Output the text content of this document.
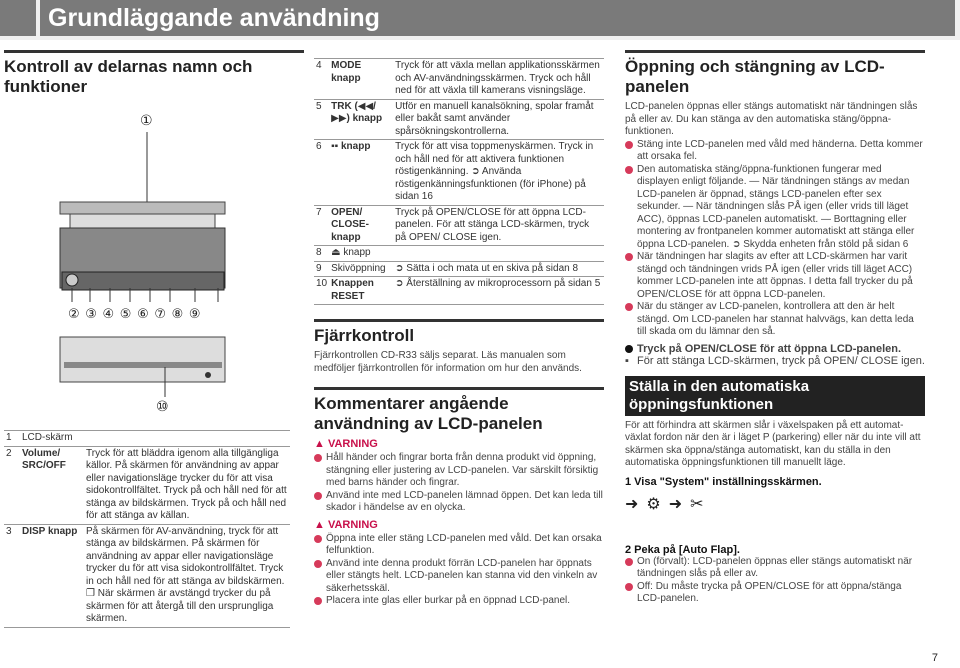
Grundläggande användning
Kontroll av delarnas namn och funktioner
①
② ③ ④ ⑤ ⑥ ⑦ ⑧ ⑨
⑩
1	LCD-skärm	
2	Volume/ SRC/OFF	Tryck för att bläddra igenom alla tillgängliga källor. På skärmen för användning av appar eller navigationsläge trycker du för att visa sidokontrollfältet. Tryck på och håll ned för att stänga av bildskärmen. Tryck på och håll ned för att stänga av källan.
3	DISP knapp	På skärmen för AV-användning, tryck för att stänga av bildskärmen. På skärmen för användning av appar eller navigationsläge trycker du för att visa sidokontrollfältet. Tryck in och håll ned för att stänga av bildskärmen. ❐ När skärmen är avstängd trycker du på skärmen för att återgå till den ursprungliga skärmen.
4	MODE knapp	Tryck för att växla mellan applikationsskärmen och AV-användningsskärmen. Tryck och håll ned för att växla till kamerans visningsläge.
5	TRK (◀◀/ ▶▶) knapp	Utför en manuell kanalsökning, spolar framåt eller bakåt samt använder spårsökningskontrollerna.
6	▪▪ knapp	Tryck för att visa toppmenyskärmen. Tryck in och håll ned för att aktivera funktionen röstigenkänning. ➲ Använda röstigenkänningsfunktionen (för iPhone) på sidan 16
7	OPEN/ CLOSE-knapp	Tryck på OPEN/CLOSE för att öppna LCD-panelen. För att stänga LCD-skärmen, tryck på OPEN/ CLOSE igen.
8	⏏ knapp	
9	Skivöppning	➲ Sätta i och mata ut en skiva på sidan 8
10	Knappen RESET	➲ Återställning av mikroprocessorn på sidan 5
Fjärrkontroll
Fjärrkontrollen CD-R33 säljs separat. Läs manualen som medföljer fjärrkontrollen för information om hur den används.
Kommentarer angående användning av LCD-panelen
▲ VARNING
Håll händer och fingrar borta från denna produkt vid öppning, stängning eller justering av LCD-panelen. Var särskilt försiktig med barns händer och fingrar.
Använd inte med LCD-panelen lämnad öppen. Det kan leda till skador i händelse av en olycka.
▲ VARNING
Öppna inte eller stäng LCD-panelen med våld. Det kan orsaka felfunktion.
Använd inte denna produkt förrän LCD-panelen har öppnats eller stängts helt. LCD-panelen kan stanna vid den vinkeln av säkerhetsskäl.
Placera inte glas eller burkar på en öppnad LCD-panel.
Öppning och stängning av LCD-panelen
LCD-panelen öppnas eller stängs automatiskt när tändningen slås på eller av. Du kan stänga av den automatiska stäng/öppna-funktionen.
Stäng inte LCD-panelen med våld med händerna. Detta kommer att orsaka fel.
Den automatiska stäng/öppna-funktionen fungerar med displayen enligt följande. — När tändningen stängs av medan LCD-panelen är öppnad, stängs LCD-panelen efter sex sekunder. — När tändningen slås PÅ igen (eller vrids till läget ACC), öppnas LCD-panelen automatiskt. — Borttagning eller montering av frontpanelen kommer automatiskt att stänga eller öppna LCD-panelen. ➲ Skydda enheten från stöld på sidan 6
När tändningen har slagits av efter att LCD-skärmen har varit stängd och tändningen vrids PÅ igen (eller vrids till läget ACC) kommer LCD-panelen inte att öppnas. I detta fall trycker du på OPEN/CLOSE för att öppna LCD-panelen.
När du stänger av LCD-panelen, kontrollera att den är helt stängd. Om LCD-panelen har stannat halvvägs, kan detta leda till skada om du lämnar den så.
Tryck på OPEN/CLOSE för att öppna LCD-panelen.
▪ För att stänga LCD-skärmen, tryck på OPEN/ CLOSE igen.
Ställa in den automatiska öppningsfunktionen
För att förhindra att skärmen slår i växelspaken på ett automatväxlat fordon när den är i läget P (parkering) eller när du inte vill att skärmen ska öppna/stänga automatiskt, kan du ställa in den automatiska öppningsfunktionen till manuellt läge.
1 Visa "System" inställningsskärmen.
➜ ⚙ ➜ ✂
2 Peka på [Auto Flap].
On (förvalt): LCD-panelen öppnas eller stängs automatiskt när tändningen slås på eller av.
Off: Du måste trycka på OPEN/CLOSE för att öppna/stänga LCD-panelen.
7
